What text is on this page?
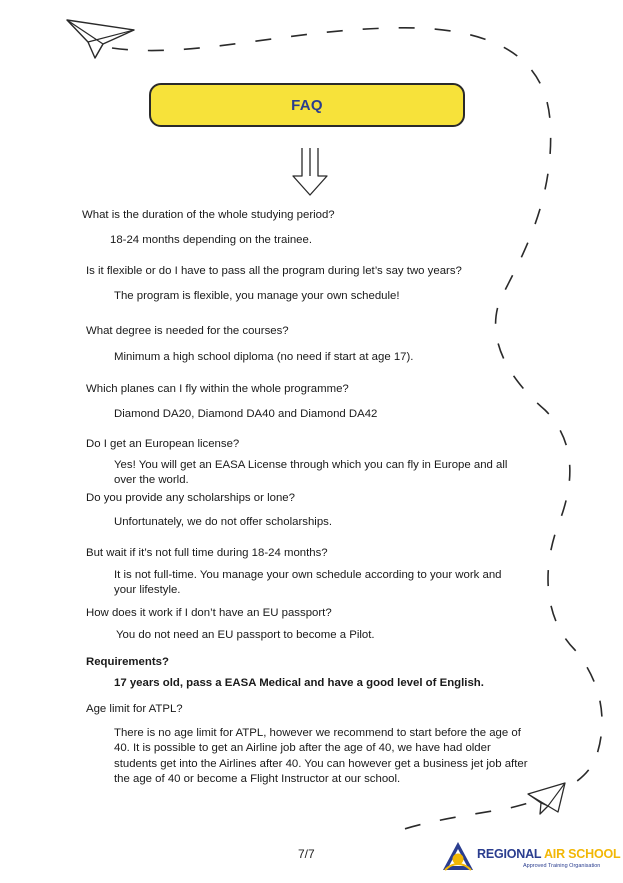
FAQ

What is the duration of the whole studying period?

18-24 months depending on the trainee.

Is it flexible or do I have to pass all the program during let’s say two years?

The program is flexible, you manage your own schedule!

What degree is needed for the courses?

Minimum a high school diploma (no need if start at age 17).

Which planes can I fly within the whole programme?

Diamond DA20, Diamond DA40 and Diamond DA42

Do I get an European license?

Yes! You will get an EASA License through which you can fly in Europe and all over the world.

Do you provide any scholarships or lone?

Unfortunately, we do not offer scholarships.

But wait if it’s not full time during 18-24 months?

It is not full-time. You manage your own schedule according to your work and your lifestyle.

How does it work if I don’t have an EU passport?

You do not need an EU passport to become a Pilot.

Requirements?

17 years old, pass a EASA Medical and have a good level of English.

Age limit for ATPL?

There is no age limit for ATPL, however we recommend to start before the age of 40. It is possible to get an Airline job after the age of 40, we have had older students get into the Airlines after 40. You can however get a business jet job after the age of 40 or become a Flight Instructor at our school.

7/7	REGIONAL AIR SCHOOL
Approved Training Organisation
